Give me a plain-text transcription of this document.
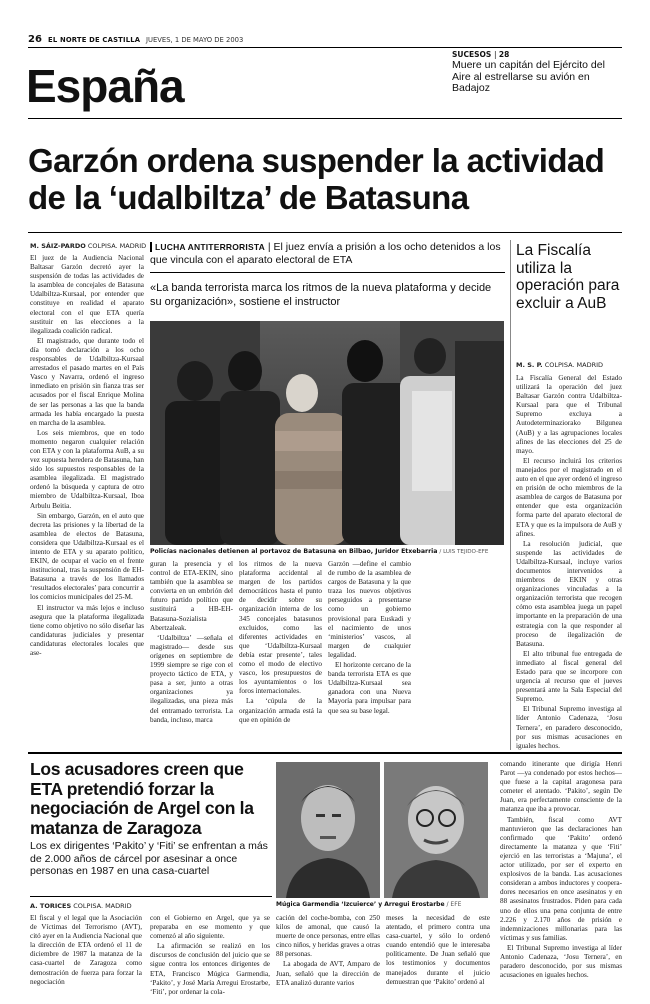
26 EL NORTE DE CASTILLA JUEVES, 1 DE MAYO DE 2003
España
SUCESOS | 28
Muere un capitán del Ejército del Aire al estrellarse su avión en Badajoz
Garzón ordena suspender la actividad de la ‘udalbiltza’ de Batasuna
M. SÁIZ-PARDO COLPISA. MADRID

El juez de la Audiencia Nacional Baltasar Garzón decretó ayer la suspensión de todas las actividades de la asamblea de concejales de Batasuna Udalbiltza-Kursaal, por entender que constituye en realidad el aparato electoral con el que ETA quería sustituir en las elecciones a la ilegalizada coalición radical.

El magistrado, que durante todo el día tomó declaración a los ocho responsables de Udalbiltza-Kursaal arrestados el pasado martes en el País Vasco y Navarra, ordenó el ingreso inmediato en prisión sin fianza tras ser acusados por el fiscal Enrique Molina de ser las personas a las que la banda armada les había encargado la puesta en marcha de la asamblea.

Los seis miembros, que en todo momento negaron cualquier relación con ETA y con la plataforma AuB, a su vez supuesta heredera de Batasuna, han sido los supuestos responsables de la asamblea ilegalizada. El magistrado ordenó la búsqueda y captura de otro miembro de Udalbiltza-Kursaal, Iboa Arbulu Beitia.

Sin embargo, Garzón, en el auto que decreta las prisiones y la libertad de la asamblea de electos de Batasuna, considera que Udalbiltza-Kursaal es el intento de ETA y su aparato político, EKIN, de ocupar el vacío en el frente institucional, tras la suspensión de EH-Batasuna a través de los llamados ‘resultados electorales’ para concurrir a los comicios municipales del 25-M.

El instructor va más lejos e incluso asegura que la plataforma ilegalizada tiene como objetivo no sólo diseñar las candidaturas judiciales y presentar candidaturas electorales locales que ase-

LUCHA ANTITERRORISTA | El juez envía a prisión a los ocho detenidos a los que vincula con el aparato electoral de ETA
«La banda terrorista marca los ritmos de la nueva plataforma y decide su organización», sostiene el instructor
Policías nacionales detienen al portavoz de Batasuna en Bilbao, Juridor Etxebarria / LUIS TEJIDO-EFE

guran la presencia y el control de ETA-EKIN, sino también que la asamblea se convierta en un embrión del futuro partido político que sustituirá a HB-EH-Batasuna-Sozialista Abertzaleak.

‘Udalbiltza’ —señala el magistrado— desde sus orígenes en septiembre de 1999 siempre se rige con el proyecto táctico de ETA, y pasa a ser, junto a otras organizaciones ya ilegalizadas, una pieza más del entramado terrorista. La banda, incluso, marca

los ritmos de la nueva plataforma accidental al margen de los partidos democráticos hasta el punto de decidir sobre su organización interna de los 345 concejales batasunos excluidos, como las diferentes actividades en que ‘Udalbiltza-Kursaal debía estar presente’, tales como el modo de electivo vasco, los presupuestos de los ayuntamientos o los foros internacionales.

La ‘cúpula de la organización armada está la que en opinión de

Garzón —define el cambio de rumbo de la asamblea de cargos de Batasuna y la que traza los nuevos objetivos perseguidos a presentarse como un gobierno provisional para Euskadi y el nacimiento de unos ‘ministerios’ vascos, al margen de cualquier legalidad.

El horizonte cercano de la banda terrorista ETA es que Udalbiltza-Kursaal sea ganadora con una Nueva Mayoría para impulsar para que sea su base legal.

La Fiscalía utiliza la operación para excluir a AuB
M. S. P. COLPISA. MADRID

La Fiscalía General del Estado utilizará la operación del juez Baltasar Garzón contra Udalbiltza-Kursaal para que el Tribunal Supremo excluya a Autodeterminaziorako Bilgunea (AuB) y a las agrupaciones locales afines de las elecciones del 25 de mayo.

El recurso incluirá los criterios manejados por el magistrado en el auto en el que ayer ordenó el ingreso en prisión de ocho miembros de la asamblea de cargos de Batasuna por entender que esta organización forma parte del aparato electoral de ETA y que es la impulsora de AuB y afines.

La resolución judicial, que suspende las actividades de Udalbiltza-Kursaal, incluye varios documentos intervenidos a miembros de EKIN y otras organizaciones vinculadas a la organización terrorista que recogen cómo esta asamblea juega un papel importante en la preparación de una estrategia con la que responder al proceso de ilegalización de Batasuna.

El alto tribunal fue entregada de inmediato al fiscal general del Estado para que se incorpore con urgencia al recurso que el jueves presentará ante la Sala Especial del Supremo.

El Tribunal Supremo investiga al líder Antonio Cadenaza, ‘Josu Ternera’, en paradero desconocido, por sus mismas acusaciones en iguales hechos.

Los acusadores creen que ETA pretendió forzar la negociación de Argel con la matanza de Zaragoza
Los ex dirigentes ‘Pakito’ y ‘Fiti’ se enfrentan a más de 2.000 años de cárcel por asesinar a once personas en 1987 en una casa-cuartel
A. TORICES COLPISA. MADRID	Múgica Garmendia ‘Izcuierce’ y Arregui Erostarbe / EFE

El fiscal y el legal que la Asociación de Víctimas del Terrorismo (AVT), citó ayer en la Audiencia Nacional que la dirección de ETA ordenó el 11 de diciembre de 1987 la matanza de la casa-cuartel de Zaragoza como demostración de fuerza para forzar la negociación

con el Gobierno en Argel, que ya se preparaba en ese momento y que comenzó al año siguiente.

La afirmación se realizó en los discursos de conclusión del juicio que se sigue contra los entonces dirigentes de ETA, Francisco Múgica Garmendia, ‘Pakito’, y José María Arregui Erostarbe, ‘Fiti’, por ordenar la cola-

cación del coche-bomba, con 250 kilos de amonal, que causó la muerte de once personas, entre ellas cinco niños, y heridas graves a otras 88 personas.

La abogada de AVT, Amparo de Juan, señaló que la dirección de ETA analizó durante varios

meses la necesidad de este atentado, el primero contra una casa-cuartel, y sólo lo ordenó cuando entendió que le interesaba políticamente. De Juan señaló que los testimonios y documentos manejados durante el juicio demuestran que ‘Pakito’ ordenó al

comando itinerante que dirigía Henri Parot —ya condenado por estos hechos— que fuese a la capital aragonesa para cometer el atentado. ‘Pakito’, según De Juan, era perfectamente consciente de la matanza que iba a provocar.

También, fiscal como AVT mantuvieron que las declaraciones han confirmado que ‘Pakito’ ordenó directamente la matanza y que ‘Fiti’ ejerció en las terroristas a ‘Majuna’, el actor utilizado, por ser el experto en explosivos de la banda. Las acusaciones consideran a ambos inductores y cooperadores necesarios en once asesinatos y en 88 asesinatos frustrados. Piden para cada uno de ellos una pena conjunta de entre 2.226 y 2.170 años de prisión e indemnizaciones millonarias para las víctimas y sus familias.

El Tribunal Supremo investiga al líder Antonio Cadenaza, ‘Josu Ternera’, en paradero desconocido, por sus mismas acusaciones en iguales hechos.
